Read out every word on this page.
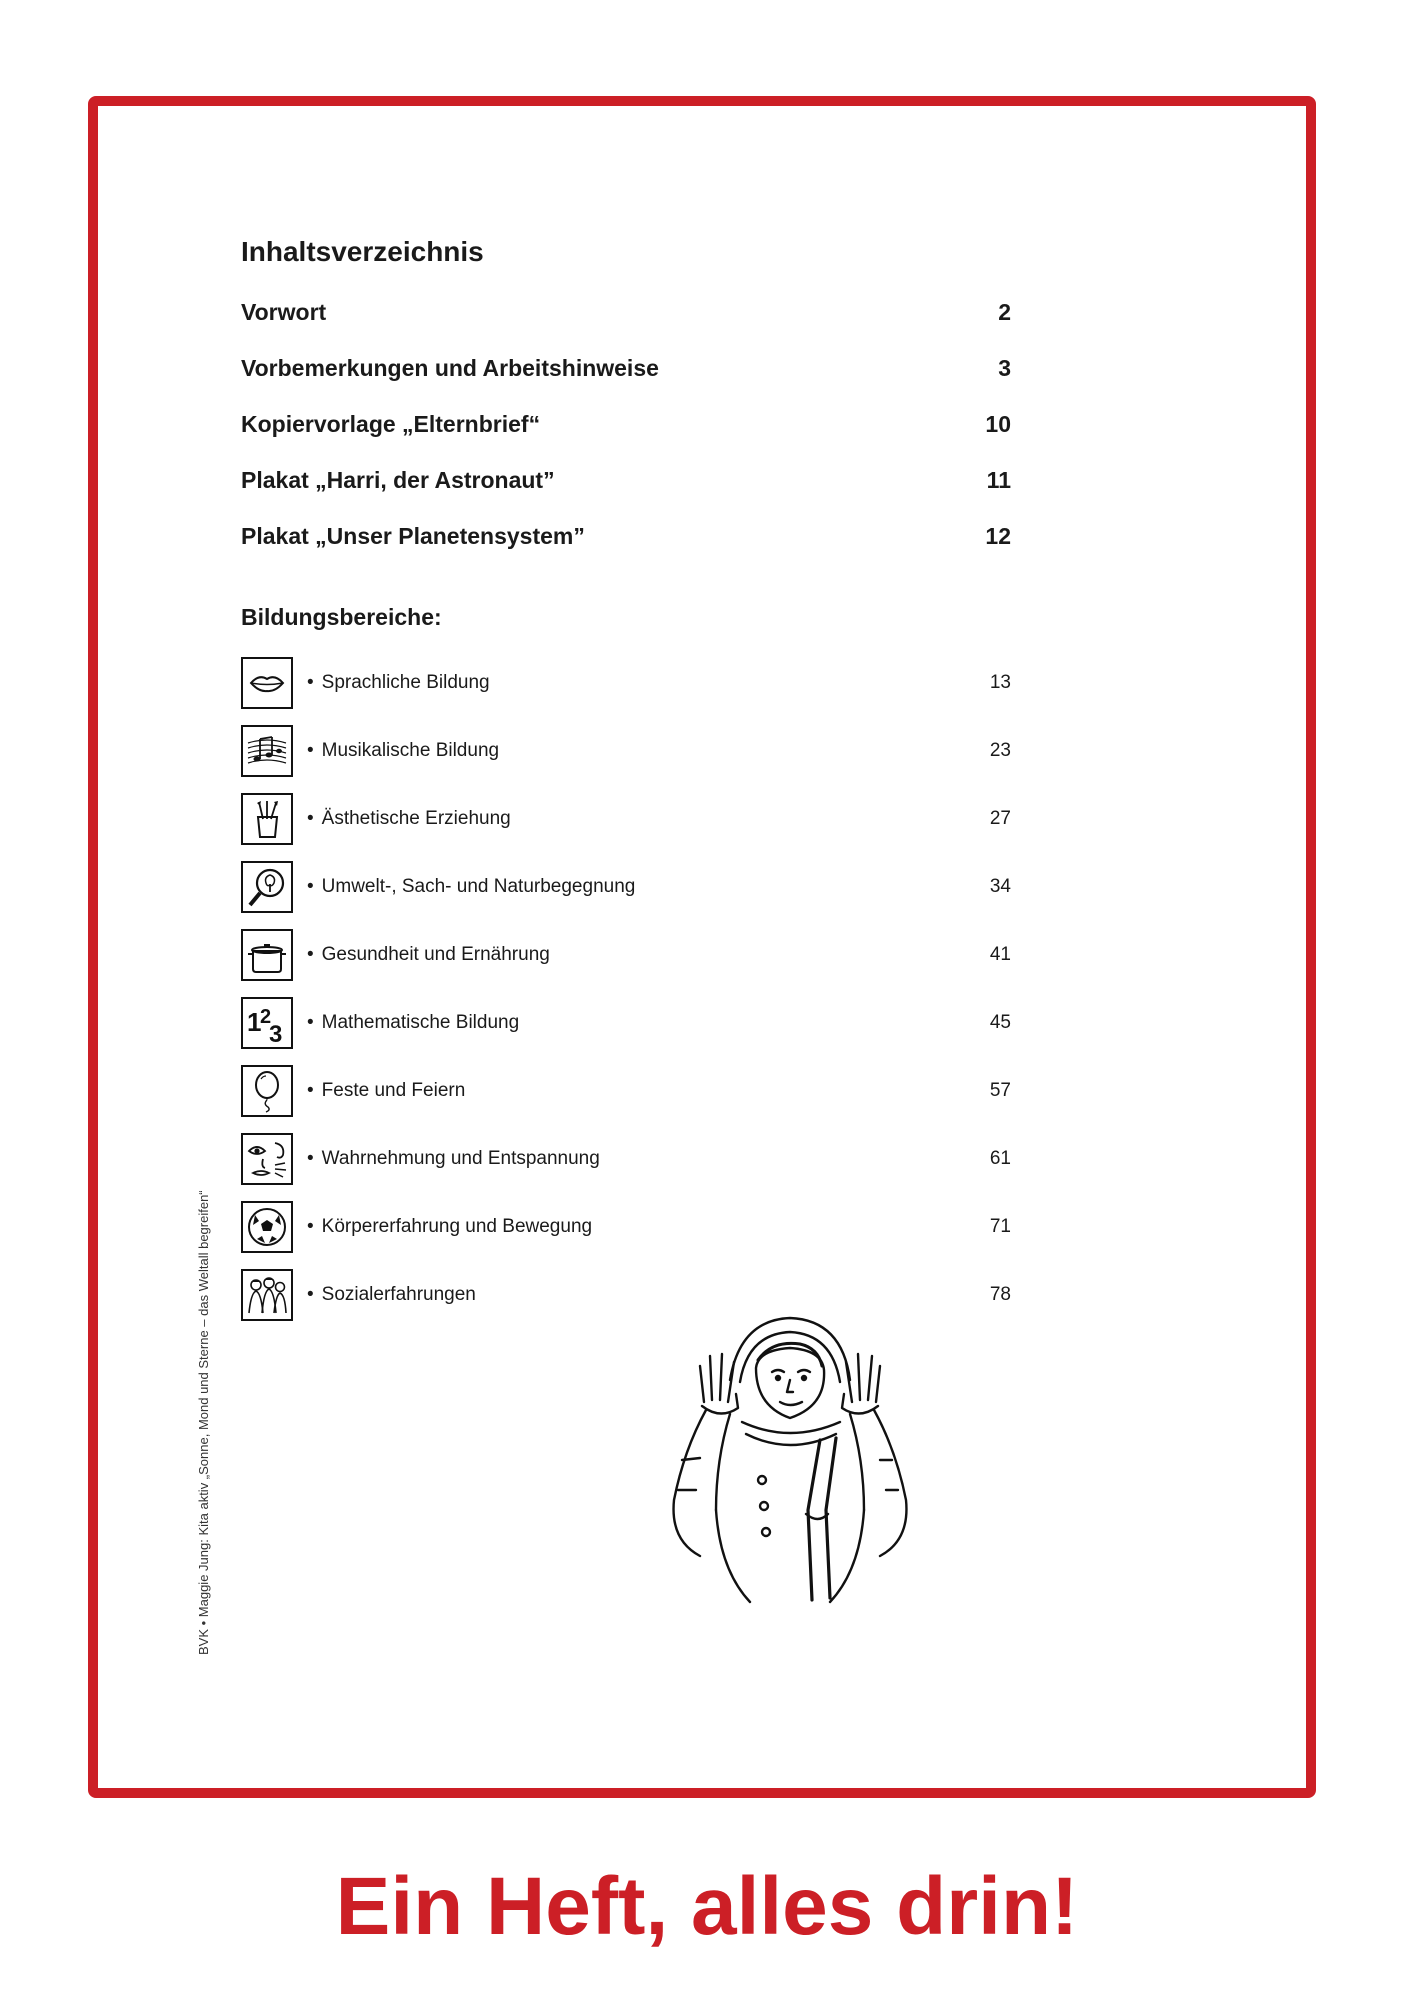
Inhaltsverzeichnis
Vorwort	2
Vorbemerkungen und Arbeitshinweise	3
Kopiervorlage „Elternbrief“	10
Plakat „Harri, der Astronaut”	11
Plakat „Unser Planetensystem”	12
Bildungsbereiche:
• Sprachliche Bildung	13
• Musikalische Bildung	23
• Ästhetische Erziehung	27
• Umwelt-, Sach- und Naturbegegnung	34
• Gesundheit und Ernährung	41
1
2
3 • Mathematische Bildung	45
• Feste und Feiern	57
• Wahrnehmung und Entspannung	61
• Körpererfahrung und Bewegung	71
• Sozialerfahrungen	78
BVK • Maggie Jung: Kita aktiv „Sonne, Mond und Sterne – das Weltall begreifen“
Ein Heft, alles drin!
